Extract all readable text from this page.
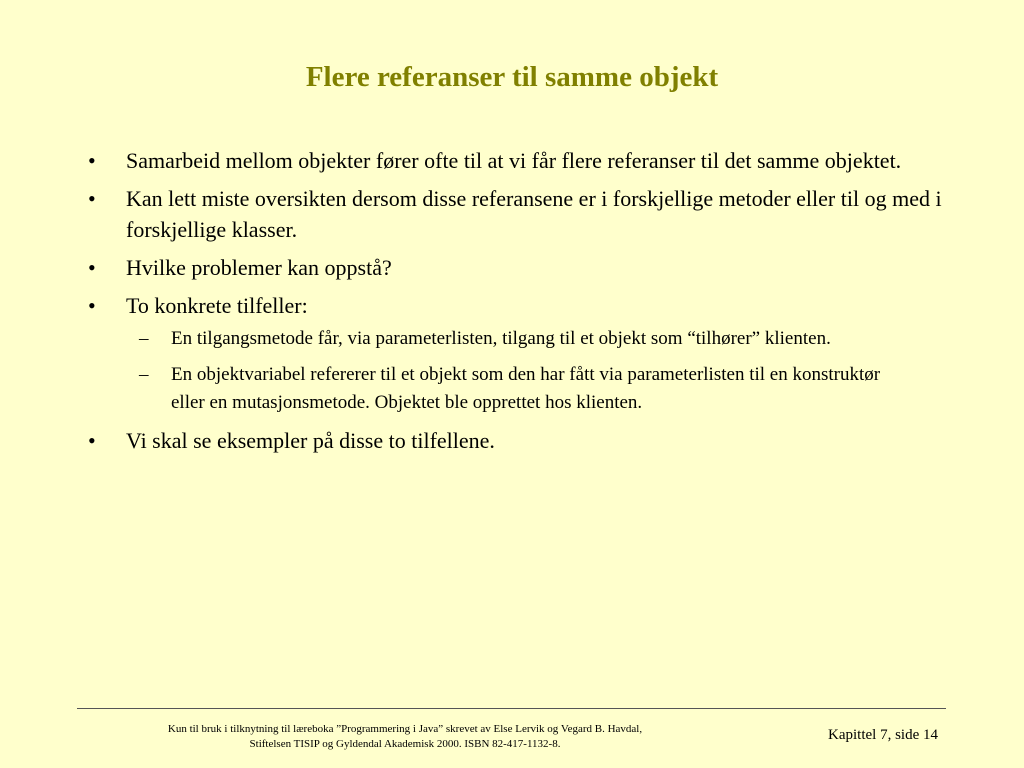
Flere referanser til samme objekt
• Samarbeid mellom objekter fører ofte til at vi får flere referanser til det samme objektet.
• Kan lett miste oversikten dersom disse referansene er i forskjellige metoder eller til og med i forskjellige klasser.
• Hvilke problemer kan oppstå?
• To konkrete tilfeller:
– En tilgangsmetode får, via parameterlisten, tilgang til et objekt som “tilhører” klienten.
– En objektvariabel refererer til et objekt som den har fått via parameterlisten til en konstruktør eller en mutasjonsmetode. Objektet ble opprettet hos klienten.
• Vi skal se eksempler på disse to tilfellene.
Kun til bruk i tilknytning til læreboka ”Programmering i Java” skrevet av Else Lervik og Vegard B. Havdal,
Stiftelsen TISIP og Gyldendal Akademisk 2000. ISBN 82-417-1132-8.
Kapittel 7, side 14
